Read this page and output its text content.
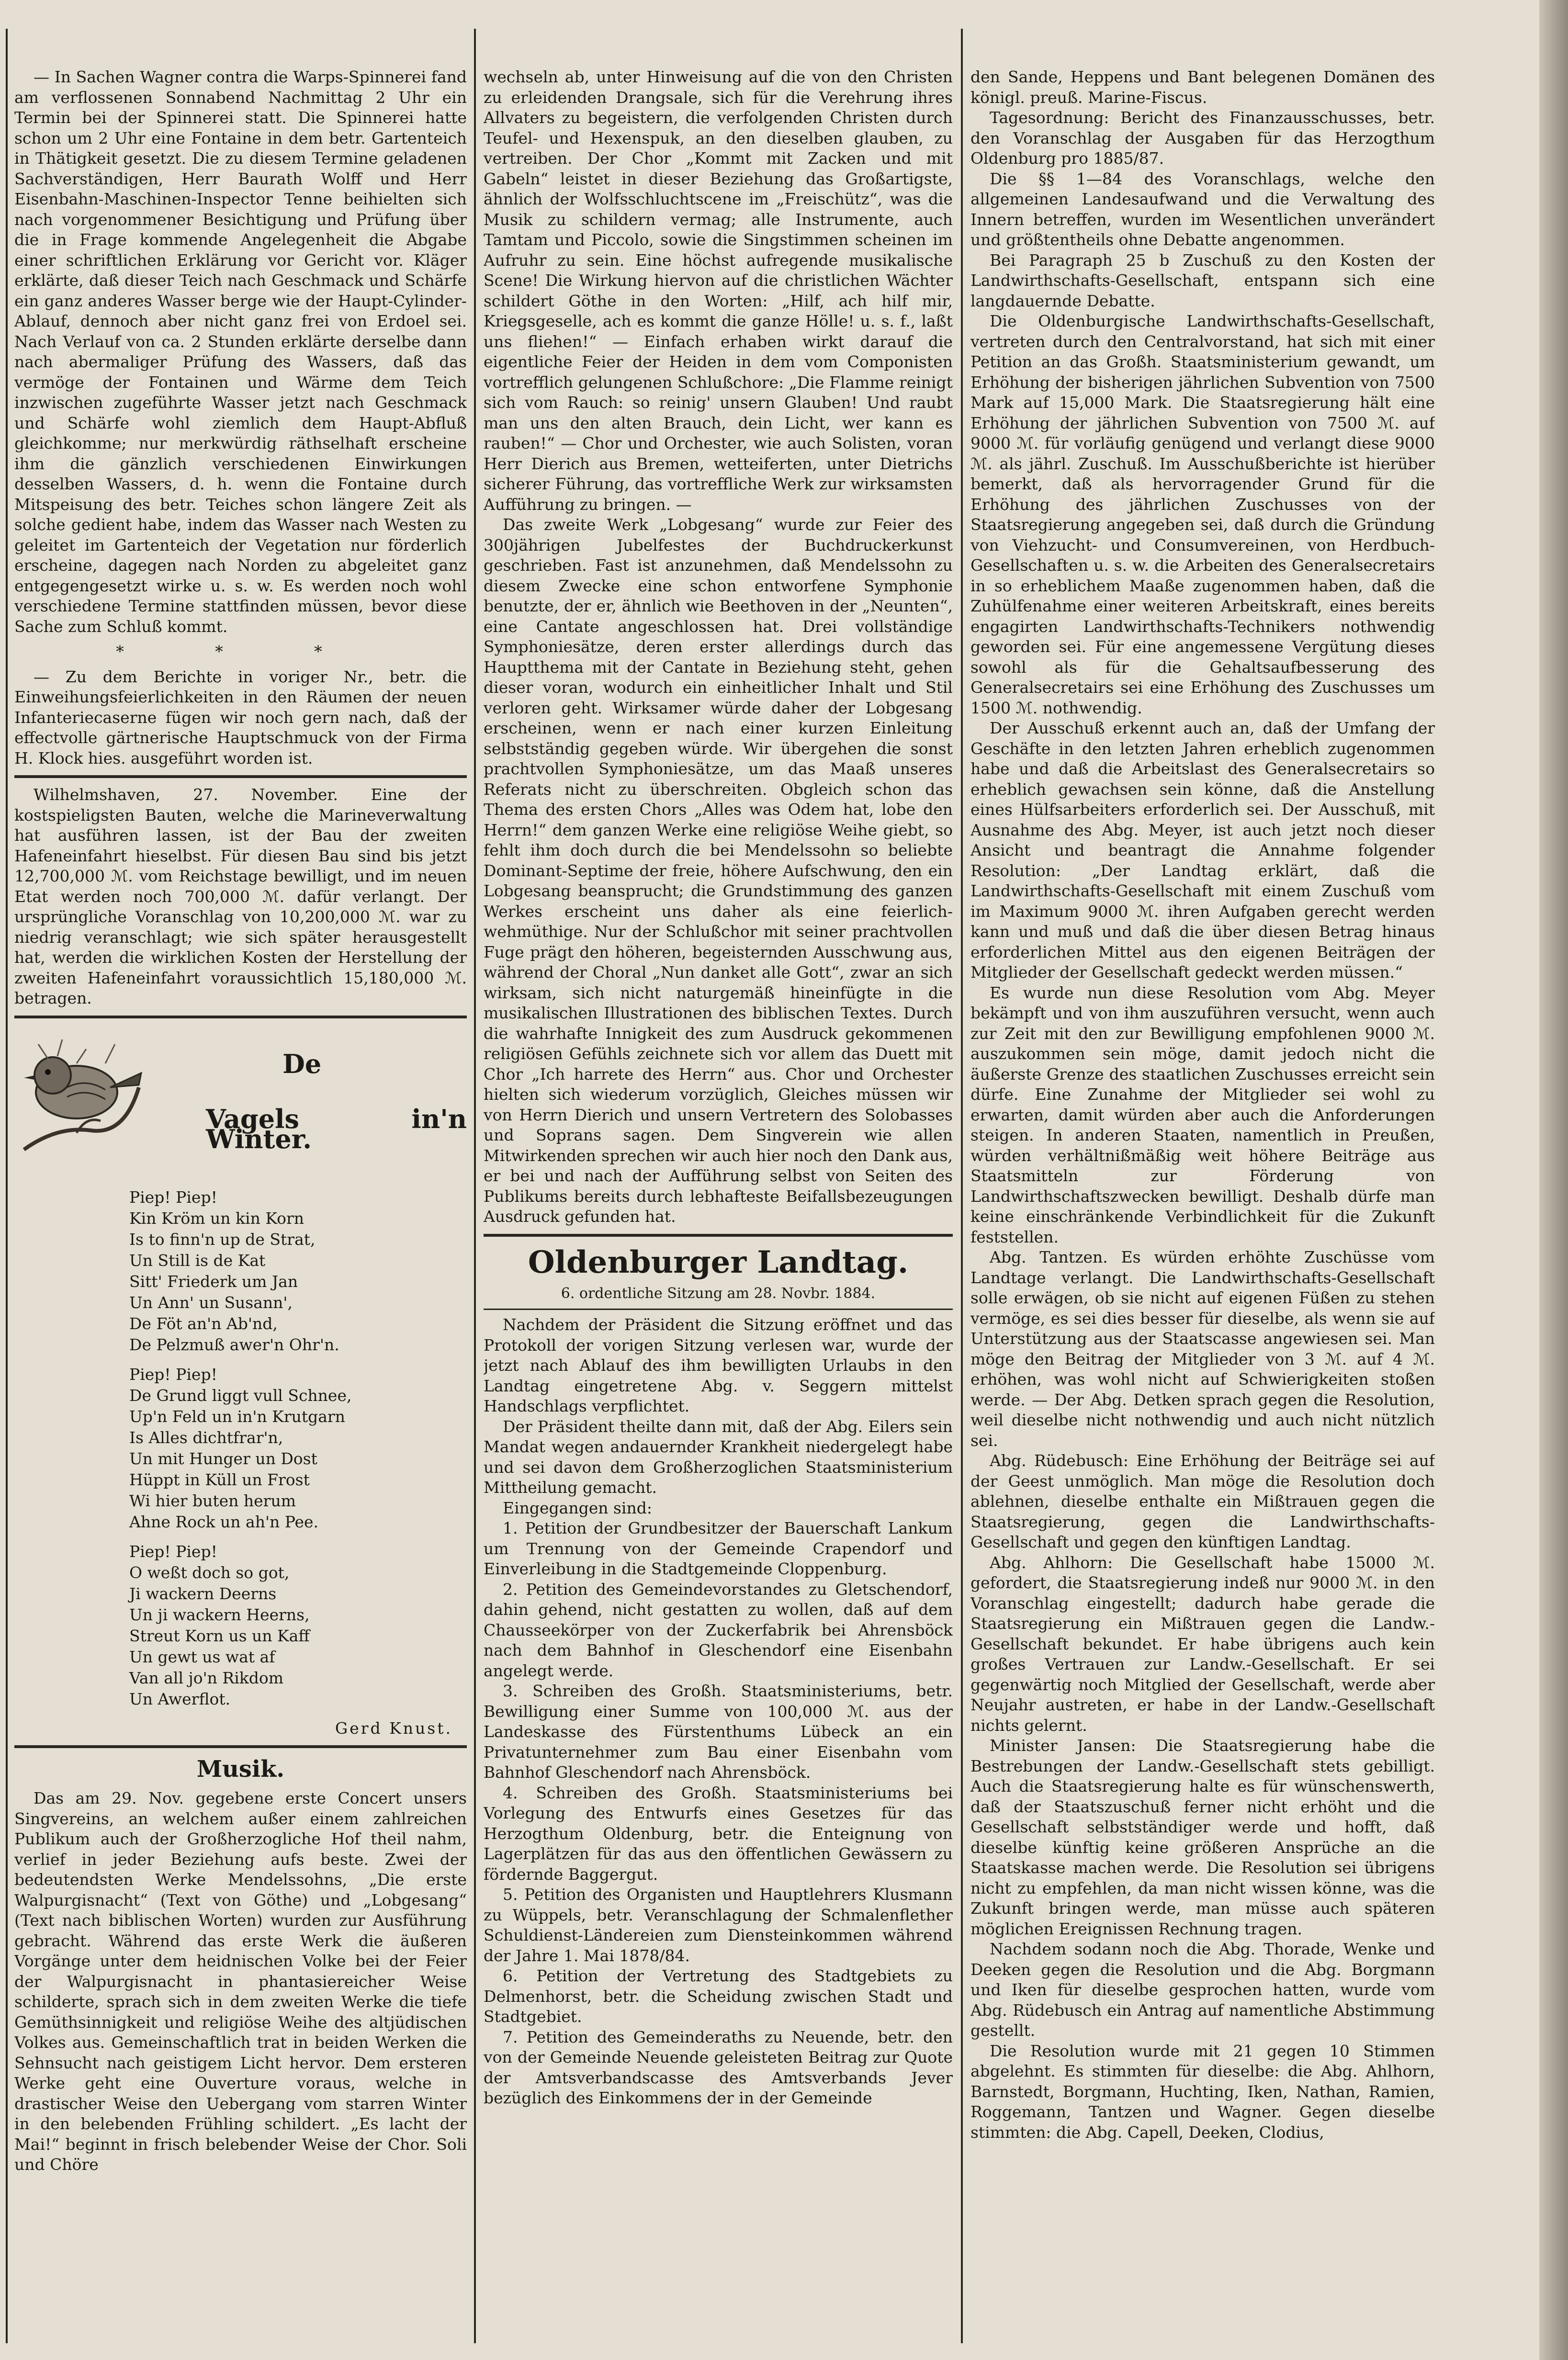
— In Sachen Wagner contra die Warps-Spinnerei fand am verflossenen Sonnabend Nachmittag 2 Uhr ein Termin bei der Spinnerei statt. Die Spinnerei hatte schon um 2 Uhr eine Fontaine in dem betr. Gartenteich in Thätigkeit gesetzt. Die zu diesem Termine geladenen Sachverständigen, Herr Baurath Wolff und Herr Eisenbahn-Maschinen-Inspector Tenne beihielten sich nach vorgenommener Besichtigung und Prüfung über die in Frage kommende Angelegenheit die Abgabe einer schriftlichen Erklärung vor Gericht vor. Kläger erklärte, daß dieser Teich nach Geschmack und Schärfe ein ganz anderes Wasser berge wie der Haupt-Cylinder-Ablauf, dennoch aber nicht ganz frei von Erdoel sei. Nach Verlauf von ca. 2 Stunden erklärte derselbe dann nach abermaliger Prüfung des Wassers, daß das vermöge der Fontainen und Wärme dem Teich inzwischen zugeführte Wasser jetzt nach Geschmack und Schärfe wohl ziemlich dem Haupt-Abfluß gleichkomme; nur merkwürdig räthselhaft erscheine ihm die gänzlich verschiedenen Einwirkungen desselben Wassers, d. h. wenn die Fontaine durch Mitspeisung des betr. Teiches schon längere Zeit als solche gedient habe, indem das Wasser nach Westen zu geleitet im Gartenteich der Vegetation nur förderlich erscheine, dagegen nach Norden zu abgeleitet ganz entgegengesetzt wirke u. s. w. Es werden noch wohl verschiedene Termine stattfinden müssen, bevor diese Sache zum Schluß kommt.

* * *

— Zu dem Berichte in voriger Nr., betr. die Einweihungsfeierlichkeiten in den Räumen der neuen Infanteriecaserne fügen wir noch gern nach, daß der effectvolle gärtnerische Hauptschmuck von der Firma H. Klock hies. ausgeführt worden ist.

Wilhelmshaven, 27. November. Eine der kostspieligsten Bauten, welche die Marineverwaltung hat ausführen lassen, ist der Bau der zweiten Hafeneinfahrt hieselbst. Für diesen Bau sind bis jetzt 12,700,000 ℳ. vom Reichstage bewilligt, und im neuen Etat werden noch 700,000 ℳ. dafür verlangt. Der ursprüngliche Voranschlag von 10,200,000 ℳ. war zu niedrig veranschlagt; wie sich später herausgestellt hat, werden die wirklichen Kosten der Herstellung der zweiten Hafeneinfahrt voraussichtlich 15,180,000 ℳ. betragen.

De
Vagels in'n Winter.
Piep! Piep!
Kin Kröm un kin Korn
Is to finn'n up de Strat,
Un Still is de Kat
Sitt' Friederk um Jan
Un Ann' un Susann',
De Föt an'n Ab'nd,
De Pelzmuß awer'n Ohr'n.
Piep! Piep!
De Grund liggt vull Schnee,
Up'n Feld un in'n Krutgarn
Is Alles dichtfrar'n,
Un mit Hunger un Dost
Hüppt in Küll un Frost
Wi hier buten herum
Ahne Rock un ah'n Pee.
Piep! Piep!
O weßt doch so got,
Ji wackern Deerns
Un ji wackern Heerns,
Streut Korn us un Kaff
Un gewt us wat af
Van all jo'n Rikdom
Un Awerflot.
Gerd Knust.
Musik.

Das am 29. Nov. gegebene erste Concert unsers Singvereins, an welchem außer einem zahlreichen Publikum auch der Großherzogliche Hof theil nahm, verlief in jeder Beziehung aufs beste. Zwei der bedeutendsten Werke Mendelssohns, „Die erste Walpurgisnacht“ (Text von Göthe) und „Lobgesang“ (Text nach biblischen Worten) wurden zur Ausführung gebracht. Während das erste Werk die äußeren Vorgänge unter dem heidnischen Volke bei der Feier der Walpurgisnacht in phantasiereicher Weise schilderte, sprach sich in dem zweiten Werke die tiefe Gemüthsinnigkeit und religiöse Weihe des altjüdischen Volkes aus. Gemeinschaftlich trat in beiden Werken die Sehnsucht nach geistigem Licht hervor. Dem ersteren Werke geht eine Ouverture voraus, welche in drastischer Weise den Uebergang vom starren Winter in den belebenden Frühling schildert. „Es lacht der Mai!“ beginnt in frisch belebender Weise der Chor. Soli und Chöre

wechseln ab, unter Hinweisung auf die von den Christen zu erleidenden Drangsale, sich für die Verehrung ihres Allvaters zu begeistern, die verfolgenden Christen durch Teufel- und Hexenspuk, an den dieselben glauben, zu vertreiben. Der Chor „Kommt mit Zacken und mit Gabeln“ leistet in dieser Beziehung das Großartigste, ähnlich der Wolfsschluchtscene im „Freischütz“, was die Musik zu schildern vermag; alle Instrumente, auch Tamtam und Piccolo, sowie die Singstimmen scheinen im Aufruhr zu sein. Eine höchst aufregende musikalische Scene! Die Wirkung hiervon auf die christlichen Wächter schildert Göthe in den Worten: „Hilf, ach hilf mir, Kriegsgeselle, ach es kommt die ganze Hölle! u. s. f., laßt uns fliehen!“ — Einfach erhaben wirkt darauf die eigentliche Feier der Heiden in dem vom Componisten vortrefflich gelungenen Schlußchore: „Die Flamme reinigt sich vom Rauch: so reinig' unsern Glauben! Und raubt man uns den alten Brauch, dein Licht, wer kann es rauben!“ — Chor und Orchester, wie auch Solisten, voran Herr Dierich aus Bremen, wetteiferten, unter Dietrichs sicherer Führung, das vortreffliche Werk zur wirksamsten Aufführung zu bringen. —

Das zweite Werk „Lobgesang“ wurde zur Feier des 300jährigen Jubelfestes der Buchdruckerkunst geschrieben. Fast ist anzunehmen, daß Mendelssohn zu diesem Zwecke eine schon entworfene Symphonie benutzte, der er, ähnlich wie Beethoven in der „Neunten“, eine Cantate angeschlossen hat. Drei vollständige Symphoniesätze, deren erster allerdings durch das Hauptthema mit der Cantate in Beziehung steht, gehen dieser voran, wodurch ein einheitlicher Inhalt und Stil verloren geht. Wirksamer würde daher der Lobgesang erscheinen, wenn er nach einer kurzen Einleitung selbstständig gegeben würde. Wir übergehen die sonst prachtvollen Symphoniesätze, um das Maaß unseres Referats nicht zu überschreiten. Obgleich schon das Thema des ersten Chors „Alles was Odem hat, lobe den Herrn!“ dem ganzen Werke eine religiöse Weihe giebt, so fehlt ihm doch durch die bei Mendelssohn so beliebte Dominant-Septime der freie, höhere Aufschwung, den ein Lobgesang beansprucht; die Grundstimmung des ganzen Werkes erscheint uns daher als eine feierlich-wehmüthige. Nur der Schlußchor mit seiner prachtvollen Fuge prägt den höheren, begeisternden Ausschwung aus, während der Choral „Nun danket alle Gott“, zwar an sich wirksam, sich nicht naturgemäß hineinfügte in die musikalischen Illustrationen des biblischen Textes. Durch die wahrhafte Innigkeit des zum Ausdruck gekommenen religiösen Gefühls zeichnete sich vor allem das Duett mit Chor „Ich harrete des Herrn“ aus. Chor und Orchester hielten sich wiederum vorzüglich, Gleiches müssen wir von Herrn Dierich und unsern Vertretern des Solobasses und Soprans sagen. Dem Singverein wie allen Mitwirkenden sprechen wir auch hier noch den Dank aus, er bei und nach der Aufführung selbst von Seiten des Publikums bereits durch lebhafteste Beifallsbezeugungen Ausdruck gefunden hat.

Oldenburger Landtag.
6. ordentliche Sitzung am 28. Novbr. 1884.

Nachdem der Präsident die Sitzung eröffnet und das Protokoll der vorigen Sitzung verlesen war, wurde der jetzt nach Ablauf des ihm bewilligten Urlaubs in den Landtag eingetretene Abg. v. Seggern mittelst Handschlags verpflichtet.

Der Präsident theilte dann mit, daß der Abg. Eilers sein Mandat wegen andauernder Krankheit niedergelegt habe und sei davon dem Großherzoglichen Staatsministerium Mittheilung gemacht.

Eingegangen sind:

1. Petition der Grundbesitzer der Bauerschaft Lankum um Trennung von der Gemeinde Crapendorf und Einverleibung in die Stadtgemeinde Cloppenburg.

2. Petition des Gemeindevorstandes zu Gletschendorf, dahin gehend, nicht gestatten zu wollen, daß auf dem Chausseekörper von der Zuckerfabrik bei Ahrensböck nach dem Bahnhof in Gleschendorf eine Eisenbahn angelegt werde.

3. Schreiben des Großh. Staatsministeriums, betr. Bewilligung einer Summe von 100,000 ℳ. aus der Landeskasse des Fürstenthums Lübeck an ein Privatunternehmer zum Bau einer Eisenbahn vom Bahnhof Gleschendorf nach Ahrensböck.

4. Schreiben des Großh. Staatsministeriums bei Vorlegung des Entwurfs eines Gesetzes für das Herzogthum Oldenburg, betr. die Enteignung von Lagerplätzen für das aus den öffentlichen Gewässern zu fördernde Baggergut.

5. Petition des Organisten und Hauptlehrers Klusmann zu Wüppels, betr. Veranschlagung der Schmalenflether Schuldienst-Ländereien zum Diensteinkommen während der Jahre 1. Mai 1878/84.

6. Petition der Vertretung des Stadtgebiets zu Delmenhorst, betr. die Scheidung zwischen Stadt und Stadtgebiet.

7. Petition des Gemeinderaths zu Neuende, betr. den von der Gemeinde Neuende geleisteten Beitrag zur Quote der Amtsverbandscasse des Amtsverbands Jever bezüglich des Einkommens der in der Gemeinde

den Sande, Heppens und Bant belegenen Domänen des königl. preuß. Marine-Fiscus.

Tagesordnung: Bericht des Finanzausschusses, betr. den Voranschlag der Ausgaben für das Herzogthum Oldenburg pro 1885/87.

Die §§ 1—84 des Voranschlags, welche den allgemeinen Landesaufwand und die Verwaltung des Innern betreffen, wurden im Wesentlichen unverändert und größtentheils ohne Debatte angenommen.

Bei Paragraph 25 b Zuschuß zu den Kosten der Landwirthschafts-Gesellschaft, entspann sich eine langdauernde Debatte.

Die Oldenburgische Landwirthschafts-Gesellschaft, vertreten durch den Centralvorstand, hat sich mit einer Petition an das Großh. Staatsministerium gewandt, um Erhöhung der bisherigen jährlichen Subvention von 7500 Mark auf 15,000 Mark. Die Staatsregierung hält eine Erhöhung der jährlichen Subvention von 7500 ℳ. auf 9000 ℳ. für vorläufig genügend und verlangt diese 9000 ℳ. als jährl. Zuschuß. Im Ausschußberichte ist hierüber bemerkt, daß als hervorragender Grund für die Erhöhung des jährlichen Zuschusses von der Staatsregierung angegeben sei, daß durch die Gründung von Viehzucht- und Consumvereinen, von Herdbuch-Gesellschaften u. s. w. die Arbeiten des Generalsecretairs in so erheblichem Maaße zugenommen haben, daß die Zuhülfenahme einer weiteren Arbeitskraft, eines bereits engagirten Landwirthschafts-Technikers nothwendig geworden sei. Für eine angemessene Vergütung dieses sowohl als für die Gehaltsaufbesserung des Generalsecretairs sei eine Erhöhung des Zuschusses um 1500 ℳ. nothwendig.

Der Ausschuß erkennt auch an, daß der Umfang der Geschäfte in den letzten Jahren erheblich zugenommen habe und daß die Arbeitslast des Generalsecretairs so erheblich gewachsen sein könne, daß die Anstellung eines Hülfsarbeiters erforderlich sei. Der Ausschuß, mit Ausnahme des Abg. Meyer, ist auch jetzt noch dieser Ansicht und beantragt die Annahme folgender Resolution: „Der Landtag erklärt, daß die Landwirthschafts-Gesellschaft mit einem Zuschuß vom im Maximum 9000 ℳ. ihren Aufgaben gerecht werden kann und muß und daß die über diesen Betrag hinaus erforderlichen Mittel aus den eigenen Beiträgen der Mitglieder der Gesellschaft gedeckt werden müssen.“

Es wurde nun diese Resolution vom Abg. Meyer bekämpft und von ihm auszuführen versucht, wenn auch zur Zeit mit den zur Bewilligung empfohlenen 9000 ℳ. auszukommen sein möge, damit jedoch nicht die äußerste Grenze des staatlichen Zuschusses erreicht sein dürfe. Eine Zunahme der Mitglieder sei wohl zu erwarten, damit würden aber auch die Anforderungen steigen. In anderen Staaten, namentlich in Preußen, würden verhältnißmäßig weit höhere Beiträge aus Staatsmitteln zur Förderung von Landwirthschaftszwecken bewilligt. Deshalb dürfe man keine einschränkende Verbindlichkeit für die Zukunft feststellen.

Abg. Tantzen. Es würden erhöhte Zuschüsse vom Landtage verlangt. Die Landwirthschafts-Gesellschaft solle erwägen, ob sie nicht auf eigenen Füßen zu stehen vermöge, es sei dies besser für dieselbe, als wenn sie auf Unterstützung aus der Staatscasse angewiesen sei. Man möge den Beitrag der Mitglieder von 3 ℳ. auf 4 ℳ. erhöhen, was wohl nicht auf Schwierigkeiten stoßen werde. — Der Abg. Detken sprach gegen die Resolution, weil dieselbe nicht nothwendig und auch nicht nützlich sei.

Abg. Rüdebusch: Eine Erhöhung der Beiträge sei auf der Geest unmöglich. Man möge die Resolution doch ablehnen, dieselbe enthalte ein Mißtrauen gegen die Staatsregierung, gegen die Landwirthschafts-Gesellschaft und gegen den künftigen Landtag.

Abg. Ahlhorn: Die Gesellschaft habe 15000 ℳ. gefordert, die Staatsregierung indeß nur 9000 ℳ. in den Voranschlag eingestellt; dadurch habe gerade die Staatsregierung ein Mißtrauen gegen die Landw.-Gesellschaft bekundet. Er habe übrigens auch kein großes Vertrauen zur Landw.-Gesellschaft. Er sei gegenwärtig noch Mitglied der Gesellschaft, werde aber Neujahr austreten, er habe in der Landw.-Gesellschaft nichts gelernt.

Minister Jansen: Die Staatsregierung habe die Bestrebungen der Landw.-Gesellschaft stets gebilligt. Auch die Staatsregierung halte es für wünschenswerth, daß der Staatszuschuß ferner nicht erhöht und die Gesellschaft selbstständiger werde und hofft, daß dieselbe künftig keine größeren Ansprüche an die Staatskasse machen werde. Die Resolution sei übrigens nicht zu empfehlen, da man nicht wissen könne, was die Zukunft bringen werde, man müsse auch späteren möglichen Ereignissen Rechnung tragen.

Nachdem sodann noch die Abg. Thorade, Wenke und Deeken gegen die Resolution und die Abg. Borgmann und Iken für dieselbe gesprochen hatten, wurde vom Abg. Rüdebusch ein Antrag auf namentliche Abstimmung gestellt.

Die Resolution wurde mit 21 gegen 10 Stimmen abgelehnt. Es stimmten für dieselbe: die Abg. Ahlhorn, Barnstedt, Borgmann, Huchting, Iken, Nathan, Ramien, Roggemann, Tantzen und Wagner. Gegen dieselbe stimmten: die Abg. Capell, Deeken, Clodius,
